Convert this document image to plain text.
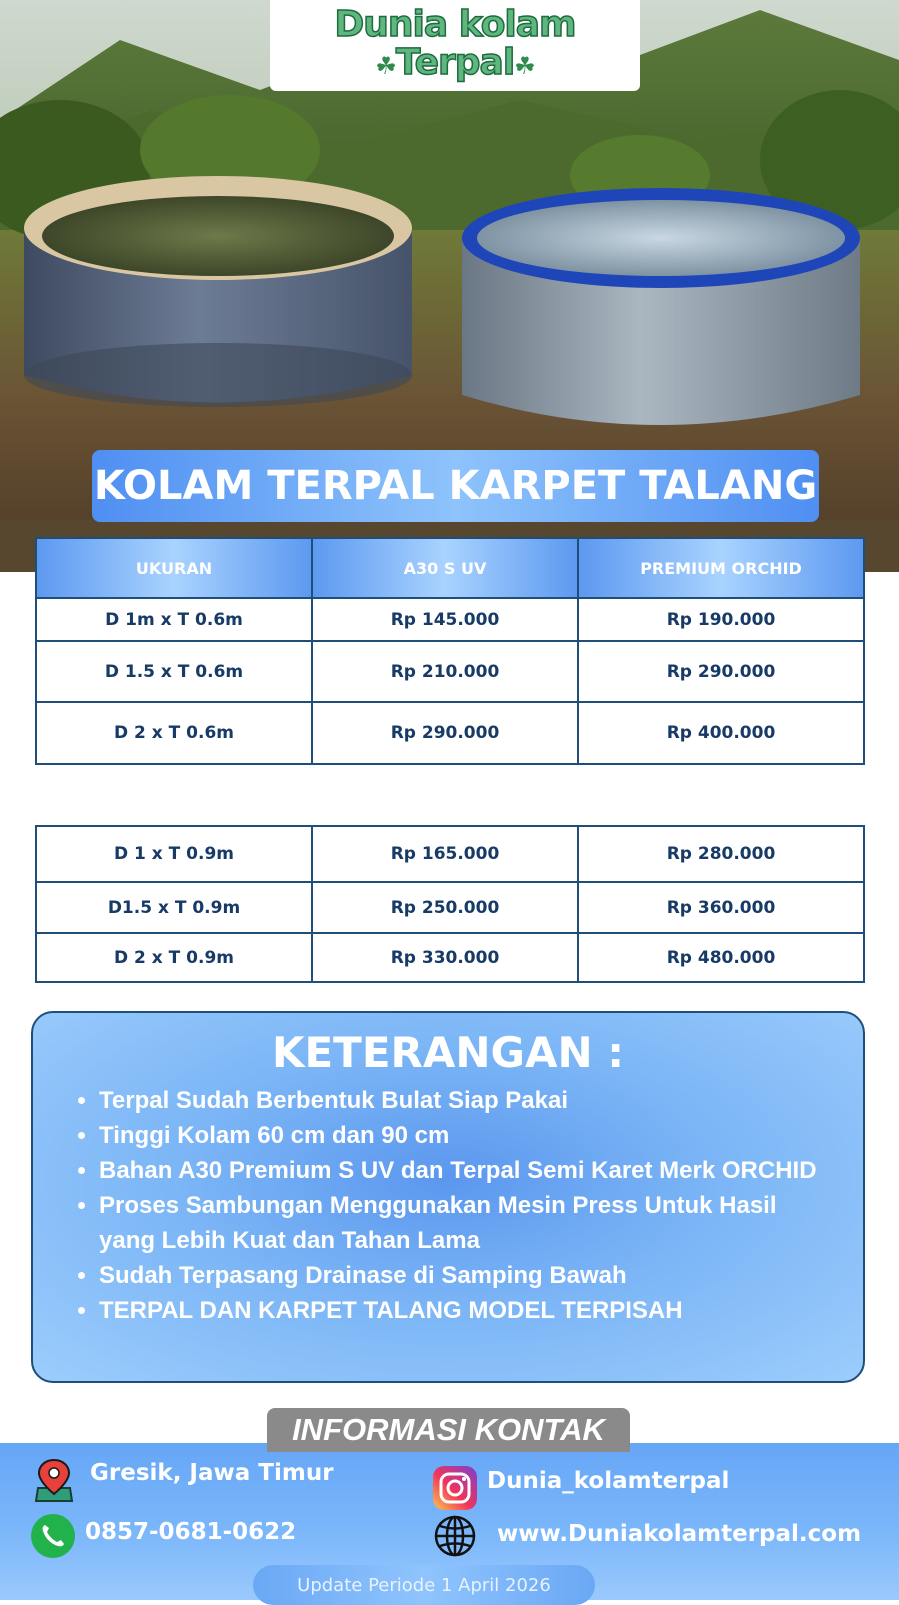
Dunia kolam
☘Terpal☘
KOLAM TERPAL KARPET TALANG
UKURAN	A30 S UV	PREMIUM ORCHID
D 1m x T 0.6m	Rp 145.000	Rp 190.000
D 1.5 x T 0.6m	Rp 210.000	Rp 290.000
D 2 x T 0.6m	Rp 290.000	Rp 400.000
D 1 x T 0.9m	Rp 165.000	Rp 280.000
D1.5 x T 0.9m	Rp 250.000	Rp 360.000
D 2 x T 0.9m	Rp 330.000	Rp 480.000
KETERANGAN :
• Terpal Sudah Berbentuk Bulat Siap Pakai
• Tinggi Kolam 60 cm dan 90 cm
• Bahan A30 Premium S UV dan Terpal Semi Karet Merk ORCHID
• Proses Sambungan Menggunakan Mesin Press Untuk Hasil yang Lebih Kuat dan Tahan Lama
• Sudah Terpasang Drainase di Samping Bawah
• TERPAL DAN KARPET TALANG MODEL TERPISAH
INFORMASI KONTAK
Gresik, Jawa Timur
0857-0681-0622
Dunia_kolamterpal
www.Duniakolamterpal.com
Update Periode 1 April 2026
